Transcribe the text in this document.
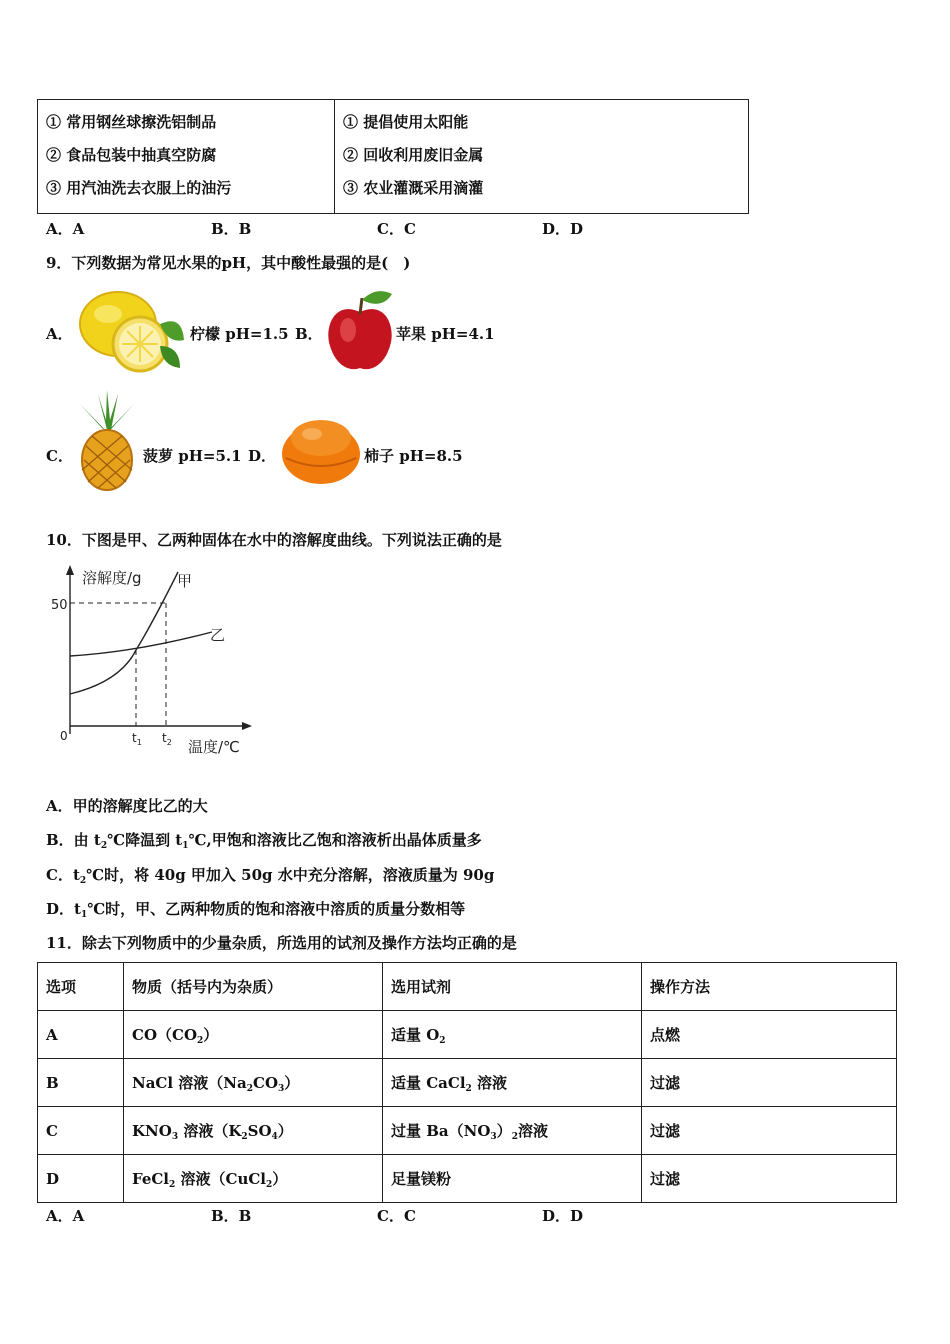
① 常用钢丝球擦洗铝制品
② 食品包装中抽真空防腐
③ 用汽油洗去衣服上的油污

① 提倡使用太阳能
② 回收利用废旧金属
③ 农业灌溉采用滴灌
A．A	B．B	C．C	D．D
9．下列数据为常见水果的pH，其中酸性最强的是(　)
A．	柠檬 pH=1.5 B．	苹果 pH=4.1
C．	菠萝 pH=5.1 D．	柿子 pH=8.5
10．下图是甲、乙两种固体在水中的溶解度曲线。下列说法正确的是
溶解度/g
温度/℃
50
0	$t_1$ $t_2$
甲
乙
A．甲的溶解度比乙的大
B．由 $t_2℃$降温到 $t_1℃$,甲饱和溶液比乙饱和溶液析出晶体质量多
C．$t_2℃$时，将 40g 甲加入 50g 水中充分溶解，溶液质量为 90g
D．$t_1℃$时，甲、乙两种物质的饱和溶液中溶质的质量分数相等
11．除去下列物质中的少量杂质，所选用的试剂及操作方法均正确的是
选项	物质（括号内为杂质）	选用试剂	操作方法
A	$CO(CO_2)$	适量 $O_2$	点燃
B	NaCl 溶液$(Na_2CO_3)$	适量 CaCl$_2$ 溶液	过滤
C	$KNO_3$ 溶液$(K_2SO_4)$	过量 $Ba(NO_3)_2$溶液	过滤
D	FeCl$_2$ 溶液（CuCl$_2$）	足量镁粉	过滤
A．A	B．B	C．C	D．D
